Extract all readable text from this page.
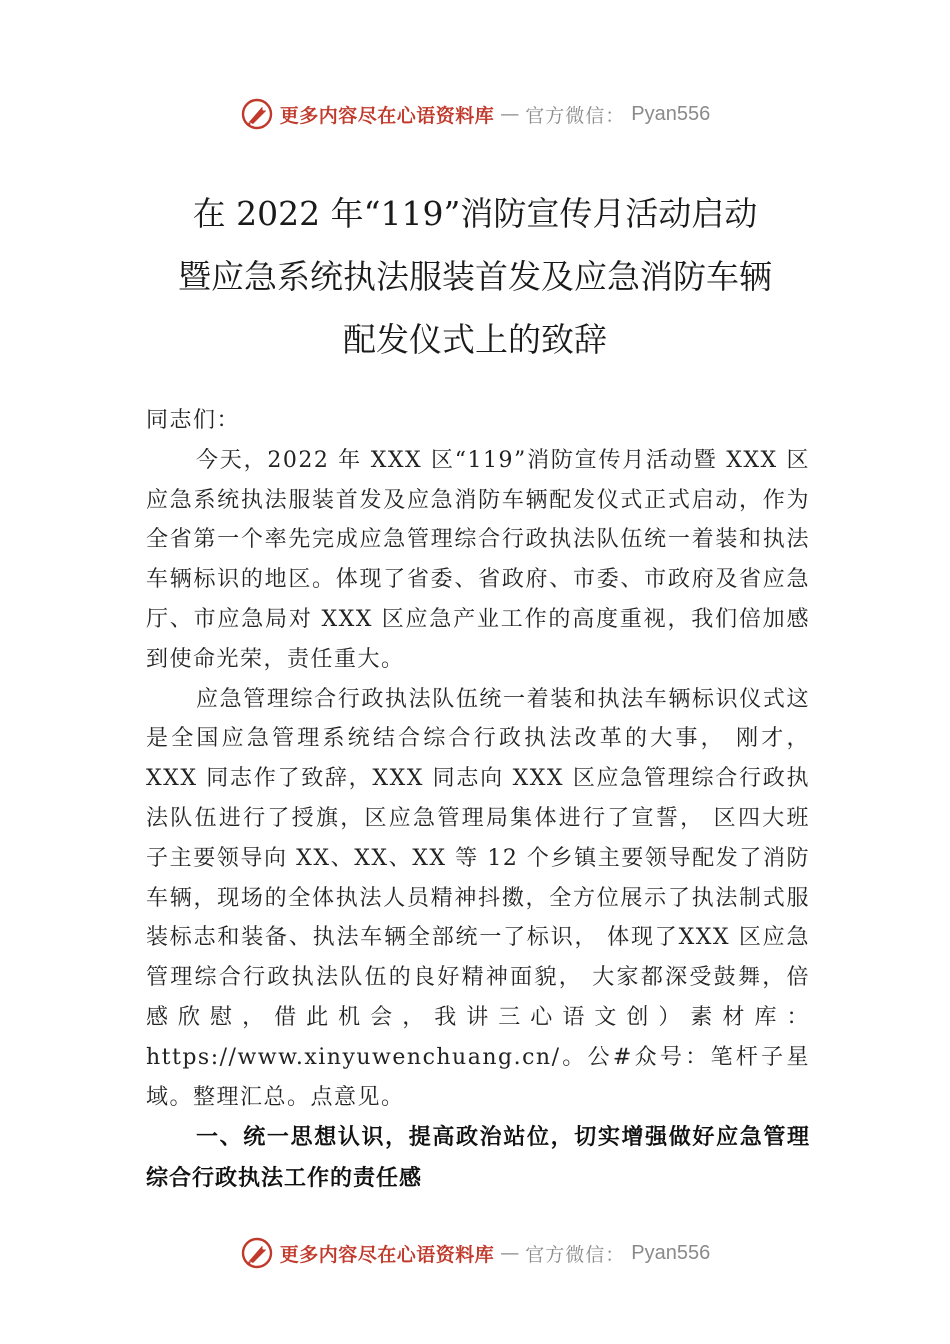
更多内容尽在心语资料库 — 官方微信： Pyan556
在 2022 年“119”消防宣传月活动启动
暨应急系统执法服装首发及应急消防车辆
配发仪式上的致辞

同志们：

今天，2022 年 XXX 区“119”消防宣传月活动暨 XXX 区应急系统执法服装首发及应急消防车辆配发仪式正式启动，作为全省第一个率先完成应急管理综合行政执法队伍统一着装和执法车辆标识的地区。体现了省委、省政府、市委、市政府及省应急厅、市应急局对 XXX 区应急产业工作的高度重视，我们倍加感到使命光荣，责任重大。

应急管理综合行政执法队伍统一着装和执法车辆标识仪式这是全国应急管理系统结合综合行政执法改革的大事， 刚才，XXX 同志作了致辞，XXX 同志向 XXX 区应急管理综合行政执法队伍进行了授旗，区应急管理局集体进行了宣誓， 区四大班子主要领导向 XX、XX、XX 等 12 个乡镇主要领导配发了消防车辆，现场的全体执法人员精神抖擞，全方位展示了执法制式服装标志和装备、执法车辆全部统一了标识， 体现了XXX 区应急管理综合行政执法队伍的良好精神面貌， 大家都深受鼓舞，倍感欣慰，借此机会，我讲三心语文创）素材库：https://www.xinyuwenchuang.cn/。公#众号：笔杆子星域。整理汇总。点意见。

一、统一思想认识，提高政治站位，切实增强做好应急管理综合行政执法工作的责任感

更多内容尽在心语资料库 — 官方微信： Pyan556
